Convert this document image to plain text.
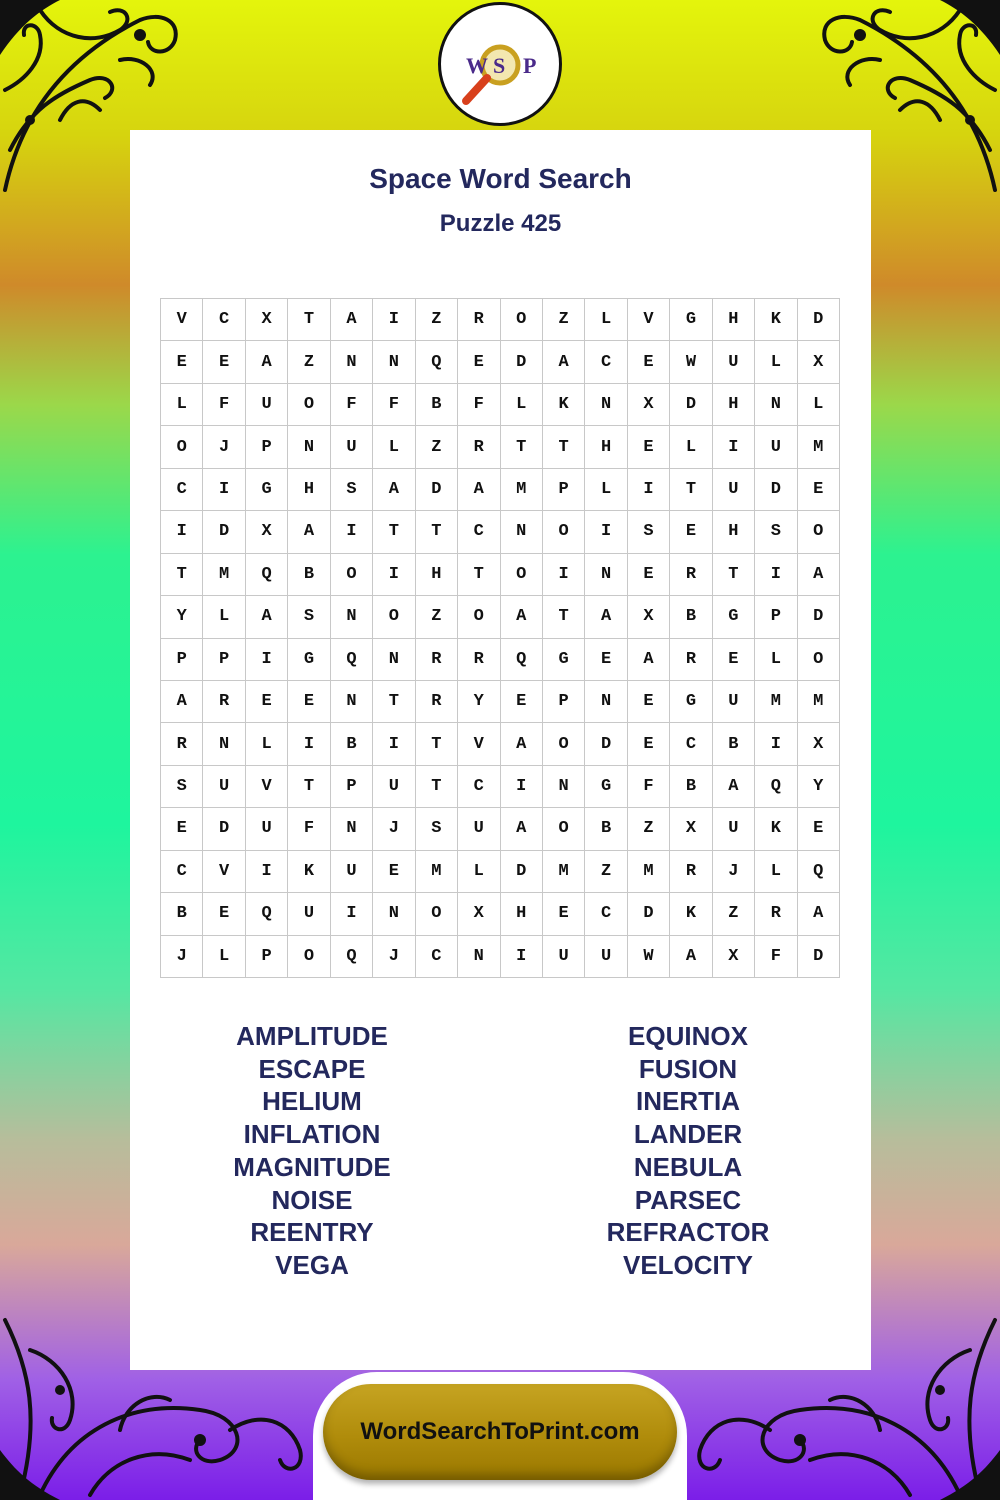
W S P
Space Word Search
Puzzle 425
V	C	X	T	A	I	Z	R	O	Z	L	V	G	H	K	D
E	E	A	Z	N	N	Q	E	D	A	C	E	W	U	L	X
L	F	U	O	F	F	B	F	L	K	N	X	D	H	N	L
O	J	P	N	U	L	Z	R	T	T	H	E	L	I	U	M
C	I	G	H	S	A	D	A	M	P	L	I	T	U	D	E
I	D	X	A	I	T	T	C	N	O	I	S	E	H	S	O
T	M	Q	B	O	I	H	T	O	I	N	E	R	T	I	A
Y	L	A	S	N	O	Z	O	A	T	A	X	B	G	P	D
P	P	I	G	Q	N	R	R	Q	G	E	A	R	E	L	O
A	R	E	E	N	T	R	Y	E	P	N	E	G	U	M	M
R	N	L	I	B	I	T	V	A	O	D	E	C	B	I	X
S	U	V	T	P	U	T	C	I	N	G	F	B	A	Q	Y
E	D	U	F	N	J	S	U	A	O	B	Z	X	U	K	E
C	V	I	K	U	E	M	L	D	M	Z	M	R	J	L	Q
B	E	Q	U	I	N	O	X	H	E	C	D	K	Z	R	A
J	L	P	O	Q	J	C	N	I	U	U	W	A	X	F	D
AMPLITUDE
ESCAPE
HELIUM
INFLATION
MAGNITUDE
NOISE
REENTRY
VEGA
EQUINOX
FUSION
INERTIA
LANDER
NEBULA
PARSEC
REFRACTOR
VELOCITY
WordSearchToPrint.com
